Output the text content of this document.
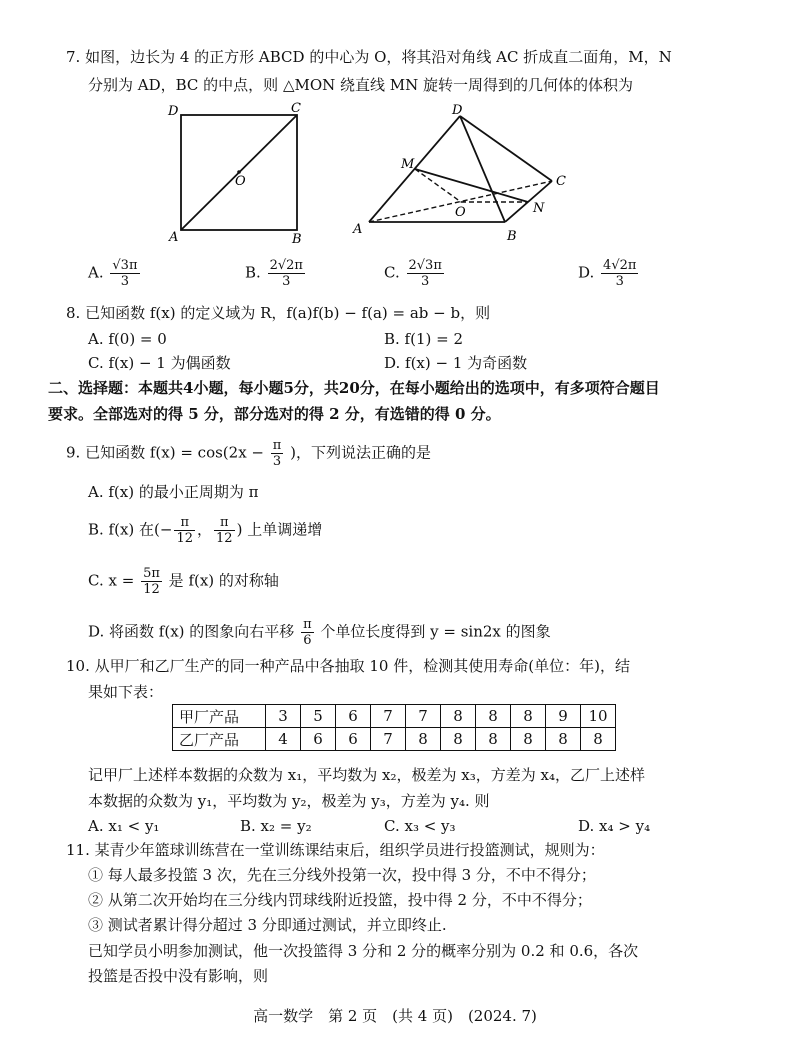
7. 如图，边长为 4 的正方形 ABCD 的中心为 O，将其沿对角线 AC 折成直二面角，M，N
分别为 AD，BC 的中点，则 △MON 绕直线 MN 旋转一周得到的几何体的体积为
D	C
A	B
O
D
C
M
N
O
A	B
A. $\frac{√3\pi}{3}$	B. $\frac{2√2\pi}{3}$	C. $\frac{2√3\pi}{3}$	D. $\frac{4√2\pi}{3}$
8. 已知函数 f(x) 的定义域为 R，f(a)f(b) − f(a) = ab − b，则
A. f(0) = 0	B. f(1) = 2
C. f(x) − 1 为偶函数	D. f(x) − 1 为奇函数
二、选择题：本题共4小题，每小题5分，共20分，在每小题给出的选项中，有多项符合题目
要求。全部选对的得 5 分，部分选对的得 2 分，有选错的得 0 分。
9. 已知函数 $f(x) = \cos(2x - \frac{\pi}{3}$ )，下列说法正确的是
A. f(x) 的最小正周期为 π
B. f(x) 在(− $\frac{\pi}{12}$ ， $\frac{\pi}{12}$ ) 上单调递增
C. $x = \frac{5\pi}{12}$ 是 f(x) 的对称轴
D. 将函数 f(x) 的图象向右平移 $\frac{\pi}{6}$ 个单位长度得到 y = sin2x 的图象
10. 从甲厂和乙厂生产的同一种产品中各抽取 10 件，检测其使用寿命(单位：年)，结
果如下表：
甲厂产品	3	5	6	7	7	8	8	8	9	10
乙厂产品	4	6	6	7	8	8	8	8	8	8
记甲厂上述样本数据的众数为 x₁，平均数为 x₂，极差为 x₃，方差为 x₄，乙厂上述样
本数据的众数为 y₁，平均数为 y₂，极差为 y₃，方差为 y₄. 则
A. x₁ < y₁	B. x₂ = y₂	C. x₃ < y₃	D. x₄ > y₄
11. 某青少年篮球训练营在一堂训练课结束后，组织学员进行投篮测试，规则为：
① 每人最多投篮 3 次，先在三分线外投第一次，投中得 3 分，不中不得分；
② 从第二次开始均在三分线内罚球线附近投篮，投中得 2 分，不中不得分；
③ 测试者累计得分超过 3 分即通过测试，并立即终止.
已知学员小明参加测试，他一次投篮得 3 分和 2 分的概率分别为 0.2 和 0.6，各次
投篮是否投中没有影响，则
高一数学　第 2 页　(共 4 页)　(2024. 7)
